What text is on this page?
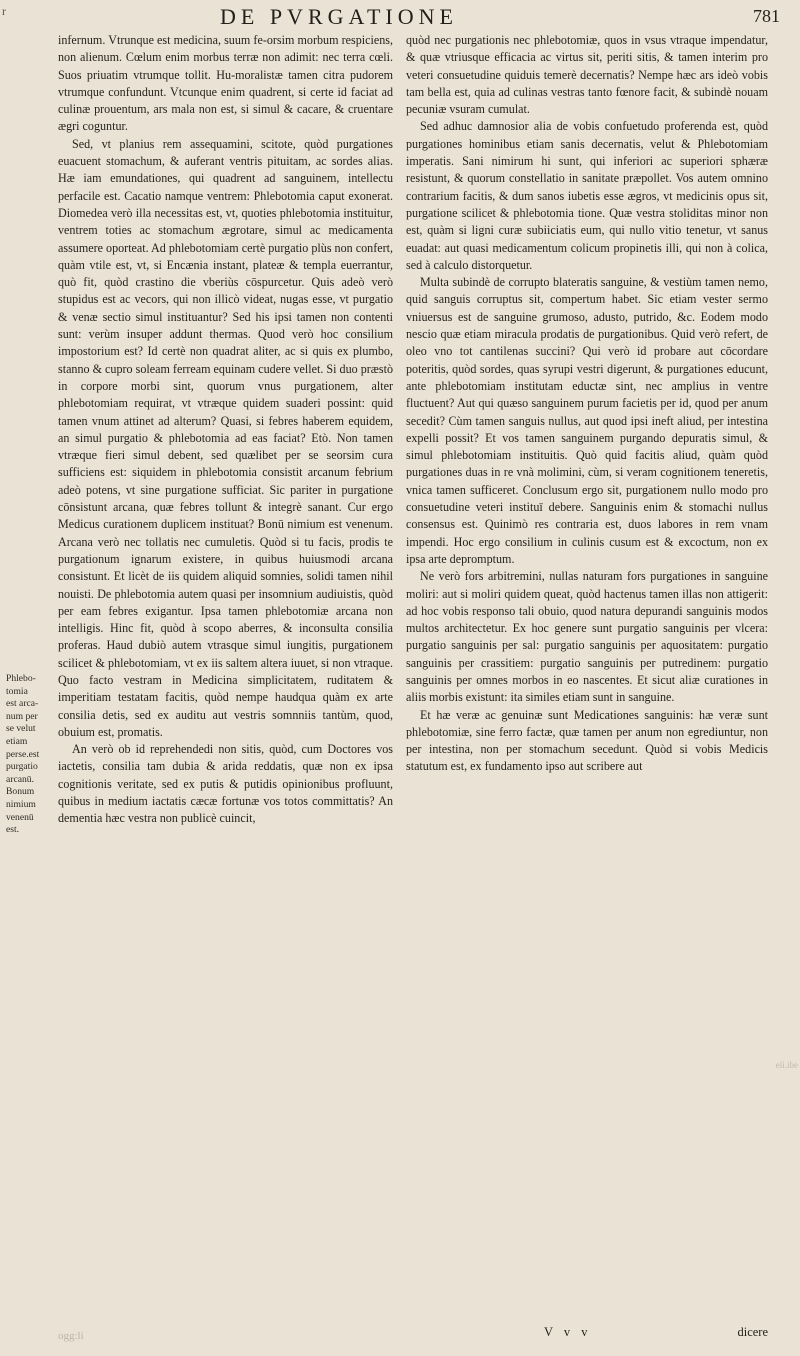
r	DE PVRGATIONE	781
Phlebo-
tomia
est arca-
num per
se velut
etiam
perse.est
purgatio
arcanū.
Bonum
nimium
venenū
est.

infernum. Vtrunque est medicina, suum fe-orsim morbum respiciens, non alienum. Cœlum enim morbus terræ non adimit: nec terra cœli. Suos priuatim vtrumque tollit. Hu-moralistæ tamen citra pudorem vtrumque confundunt. Vtcunque enim quadrent, si certe id faciat ad culinæ prouentum, ars mala non est, si simul & cacare, & cruentare ægri coguntur.

Sed, vt planius rem assequamini, scitote, quòd purgationes euacuent stomachum, & auferant ventris pituitam, ac sordes alias. Hæ iam emundationes, qui quadrent ad sanguinem, intellectu perfacile est. Cacatio namque ventrem: Phlebotomia caput exonerat. Diomedea verò illa necessitas est, vt, quoties phlebotomia instituitur, ventrem toties ac stomachum ægrotare, simul ac medicamenta assumere oporteat. Ad phlebotomiam certè purgatio plùs non confert, quàm vtile est, vt, si Encænia instant, plateæ & templa euerrantur, quò fit, quòd crastino die vberiùs cōspurcetur. Quis adeò verò stupidus est ac vecors, qui non illicò videat, nugas esse, vt purgatio & venæ sectio simul instituantur? Sed his ipsi tamen non contenti sunt: verùm insuper addunt thermas. Quod verò hoc consilium impostorium est? Id certè non quadrat aliter, ac si quis ex plumbo, stanno & cupro soleam ferream equinam cudere vellet. Si duo præstò in corpore morbi sint, quorum vnus purgationem, alter phlebotomiam requirat, vt vtræque quidem suaderi possint: quid tamen vnum attinet ad alterum? Quasi, si febres haberem equidem, an simul purgatio & phlebotomia ad eas faciat? Etò. Non tamen vtræque fieri simul debent, sed quælibet per se seorsim cura sufficiens est: siquidem in phlebotomia consistit arcanum febrium adeò potens, vt sine purgatione sufficiat. Sic pariter in purgatione cōnsistunt arcana, quæ febres tollunt & integrè sanant. Cur ergo Medicus curationem duplicem instituat? Bonū nimium est venenum. Arcana verò nec tollatis nec cumuletis. Quòd si tu facis, prodis te purgationum ignarum existere, in quibus huiusmodi arcana consistunt. Et licèt de iis quidem aliquid somnies, solidi tamen nihil nouisti. De phlebotomia autem quasi per insomnium audiuistis, quòd per eam febres exigantur. Ipsa tamen phlebotomiæ arcana non intelligis. Hinc fit, quòd à scopo aberres, & inconsulta consilia proferas. Haud dubiò autem vtrasque simul iungitis, purgationem scilicet & phlebotomiam, vt ex iis saltem altera iuuet, si non vtraque. Quo facto vestram in Medicina simplicitatem, ruditatem & imperitiam testatam facitis, quòd nempe haudqua quàm ex arte consilia detis, sed ex auditu aut vestris somnniis tantùm, quod, obuium est, promatis.

An verò ob id reprehendedi non sitis, quòd, cum Doctores vos iactetis, consilia tam dubia & arida reddatis, quæ non ex ipsa cognitionis veritate, sed ex putis & putidis opinionibus profluunt, quibus in medium iactatis cæcæ fortunæ vos totos committatis? An dementia hæc vestra non publicè cuincit,

quòd nec purgationis nec phlebotomiæ, quos in vsus vtraque impendatur, & quæ vtriusque efficacia ac virtus sit, periti sitis, & tamen interim pro veteri consuetudine quiduis temerè decernatis? Nempe hæc ars ideò vobis tam bella est, quia ad culinas vestras tanto fœnore facit, & subindè nouam pecuniæ vsuram cumulat.

Sed adhuc damnosior alia de vobis confuetudo proferenda est, quòd purgationes hominibus etiam sanis decernatis, velut & Phlebotomiam imperatis. Sani nimirum hi sunt, qui inferiori ac superiori sphæræ resistunt, & quorum constellatio in sanitate præpollet. Vos autem omnino contrarium facitis, & dum sanos iubetis esse ægros, vt medicinis opus sit, purgatione scilicet & phlebotomia tione. Quæ vestra stoliditas minor non est, quàm si ligni curæ subiiciatis eum, qui nullo vitio tenetur, vt sanus euadat: aut quasi medicamentum colicum propinetis illi, qui non à colica, sed à calculo distorquetur.

Multa subindè de corrupto blateratis sanguine, & vestiùm tamen nemo, quid sanguis corruptus sit, compertum habet. Sic etiam vester sermo vniuersus est de sanguine grumoso, adusto, putrido, &c. Eodem modo nescio quæ etiam miracula prodatis de purgationibus. Quid verò refert, de oleo vno tot cantilenas succini? Qui verò id probare aut cōcordare poteritis, quòd sordes, quas syrupi vestri digerunt, & purgationes educunt, ante phlebotomiam institutam eductæ sint, nec amplius in ventre fluctuent? Aut qui quæso sanguinem purum facietis per id, quod per anum secedit? Cùm tamen sanguis nullus, aut quod ipsi ineft aliud, per intestina expelli possit? Et vos tamen sanguinem purgando depuratis simul, & simul phlebotomiam instituitis. Quò quid facitis aliud, quàm quòd purgationes duas in re vnà molimini, cùm, si veram cognitionem teneretis, vnica tamen sufficeret. Conclusum ergo sit, purgationem nullo modo pro consuetudine veteri instituī debere. Sanguinis enim & stomachi nullus consensus est. Quinimò res contraria est, duos labores in rem vnam impendi. Hoc ergo consilium in culinis cusum est & excoctum, non ex ipsa arte depromptum.

Ne verò fors arbitremini, nullas naturam fors purgationes in sanguine moliri: aut si moliri quidem queat, quòd hactenus tamen illas non attigerit: ad hoc vobis responso tali obuio, quod natura depurandi sanguinis modos multos architectetur. Ex hoc genere sunt purgatio sanguinis per vlcera: purgatio sanguinis per sal: purgatio sanguinis per aquositatem: purgatio sanguinis per crassitiem: purgatio sanguinis per putredinem: purgatio sanguinis per omnes morbos in eo nascentes. Et sicut aliæ curationes in aliis morbis existunt: ita similes etiam sunt in sanguine.

Et hæ veræ ac genuinæ sunt Medicationes sanguinis: hæ veræ sunt phlebotomiæ, sine ferro factæ, quæ tamen per anum non egrediuntur, non per intestina, non per stomachum secedunt. Quòd si vobis Medicis statutum est, ex fundamento ipso aut scribere aut

V v v	dicere
ogg:li
eli.ibe
